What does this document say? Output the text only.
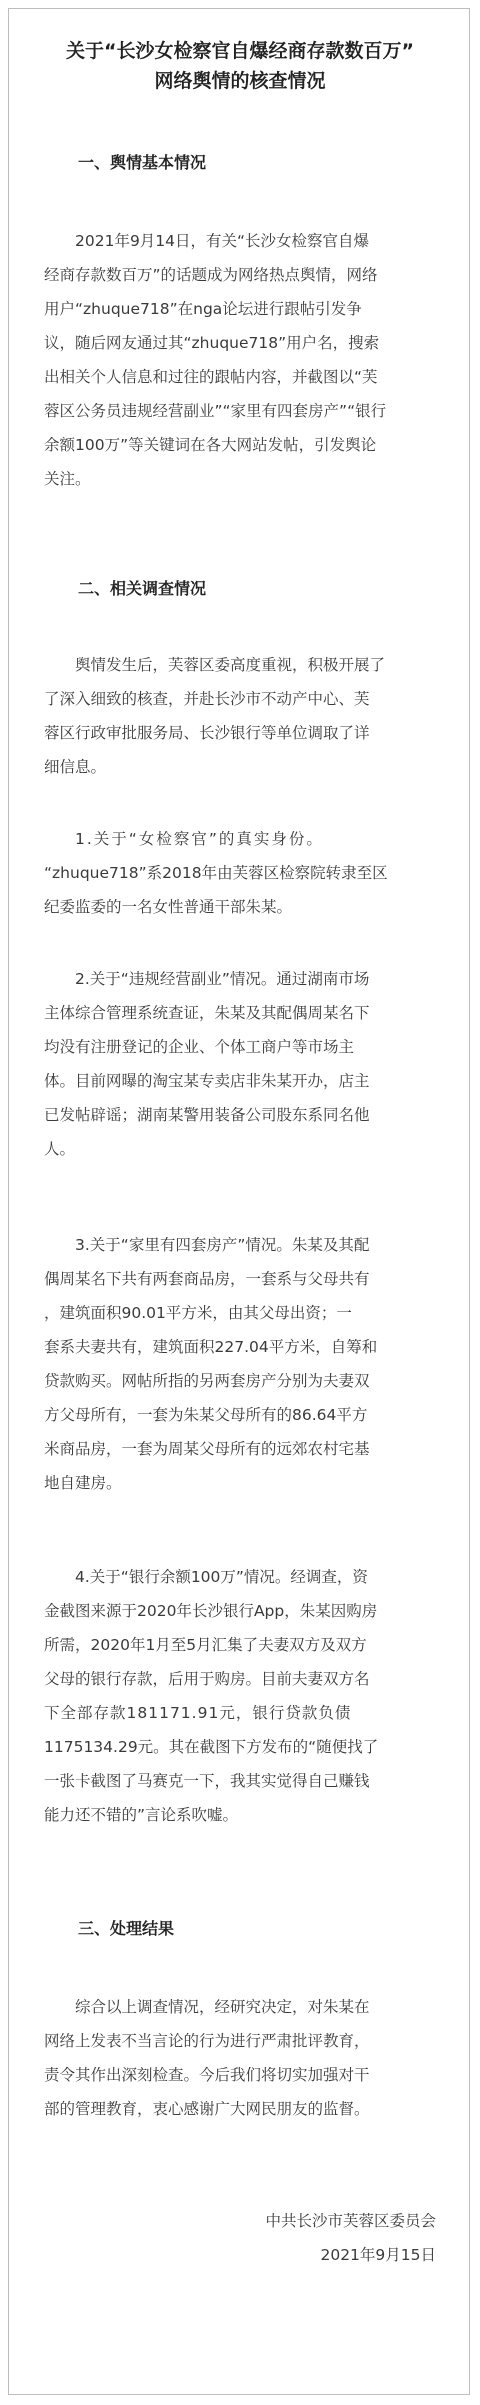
关于“长沙女检察官自爆经商存款数百万”
网络舆情的核查情况
一、舆情基本情况
2021年9月14日，有关“长沙女检察官自爆
经商存款数百万”的话题成为网络热点舆情，网络
用户“zhuque718”在nga论坛进行跟帖引发争
议，随后网友通过其“zhuque718”用户名，搜索
出相关个人信息和过往的跟帖内容，并截图以“芙
蓉区公务员违规经营副业”“家里有四套房产”“银行
余额100万”等关键词在各大网站发帖，引发舆论
关注。
二、相关调查情况
舆情发生后，芙蓉区委高度重视，积极开展了
了深入细致的核查，并赴长沙市不动产中心、芙
蓉区行政审批服务局、长沙银行等单位调取了详
细信息。
1.关于“女检察官”的真实身份。
“zhuque718”系2018年由芙蓉区检察院转隶至区
纪委监委的一名女性普通干部朱某。
2.关于“违规经营副业”情况。通过湖南市场
主体综合管理系统查证，朱某及其配偶周某名下
均没有注册登记的企业、个体工商户等市场主
体。目前网曝的淘宝某专卖店非朱某开办，店主
已发帖辟谣；湖南某警用装备公司股东系同名他
人。
3.关于“家里有四套房产”情况。朱某及其配
偶周某名下共有两套商品房，一套系与父母共有
，建筑面积90.01平方米，由其父母出资；一
套系夫妻共有，建筑面积227.04平方米，自筹和
贷款购买。网帖所指的另两套房产分别为夫妻双
方父母所有，一套为朱某父母所有的86.64平方
米商品房，一套为周某父母所有的远郊农村宅基
地自建房。
4.关于“银行余额100万”情况。经调查，资
金截图来源于2020年长沙银行App，朱某因购房
所需，2020年1月至5月汇集了夫妻双方及双方
父母的银行存款，后用于购房。目前夫妻双方名
下全部存款181171.91元，银行贷款负债
1175134.29元。其在截图下方发布的“随便找了
一张卡截图了马赛克一下，我其实觉得自己赚钱
能力还不错的”言论系吹嘘。
三、处理结果
综合以上调查情况，经研究决定，对朱某在
网络上发表不当言论的行为进行严肃批评教育，
责令其作出深刻检查。今后我们将切实加强对干
部的管理教育，衷心感谢广大网民朋友的监督。
中共长沙市芙蓉区委员会
2021年9月15日
